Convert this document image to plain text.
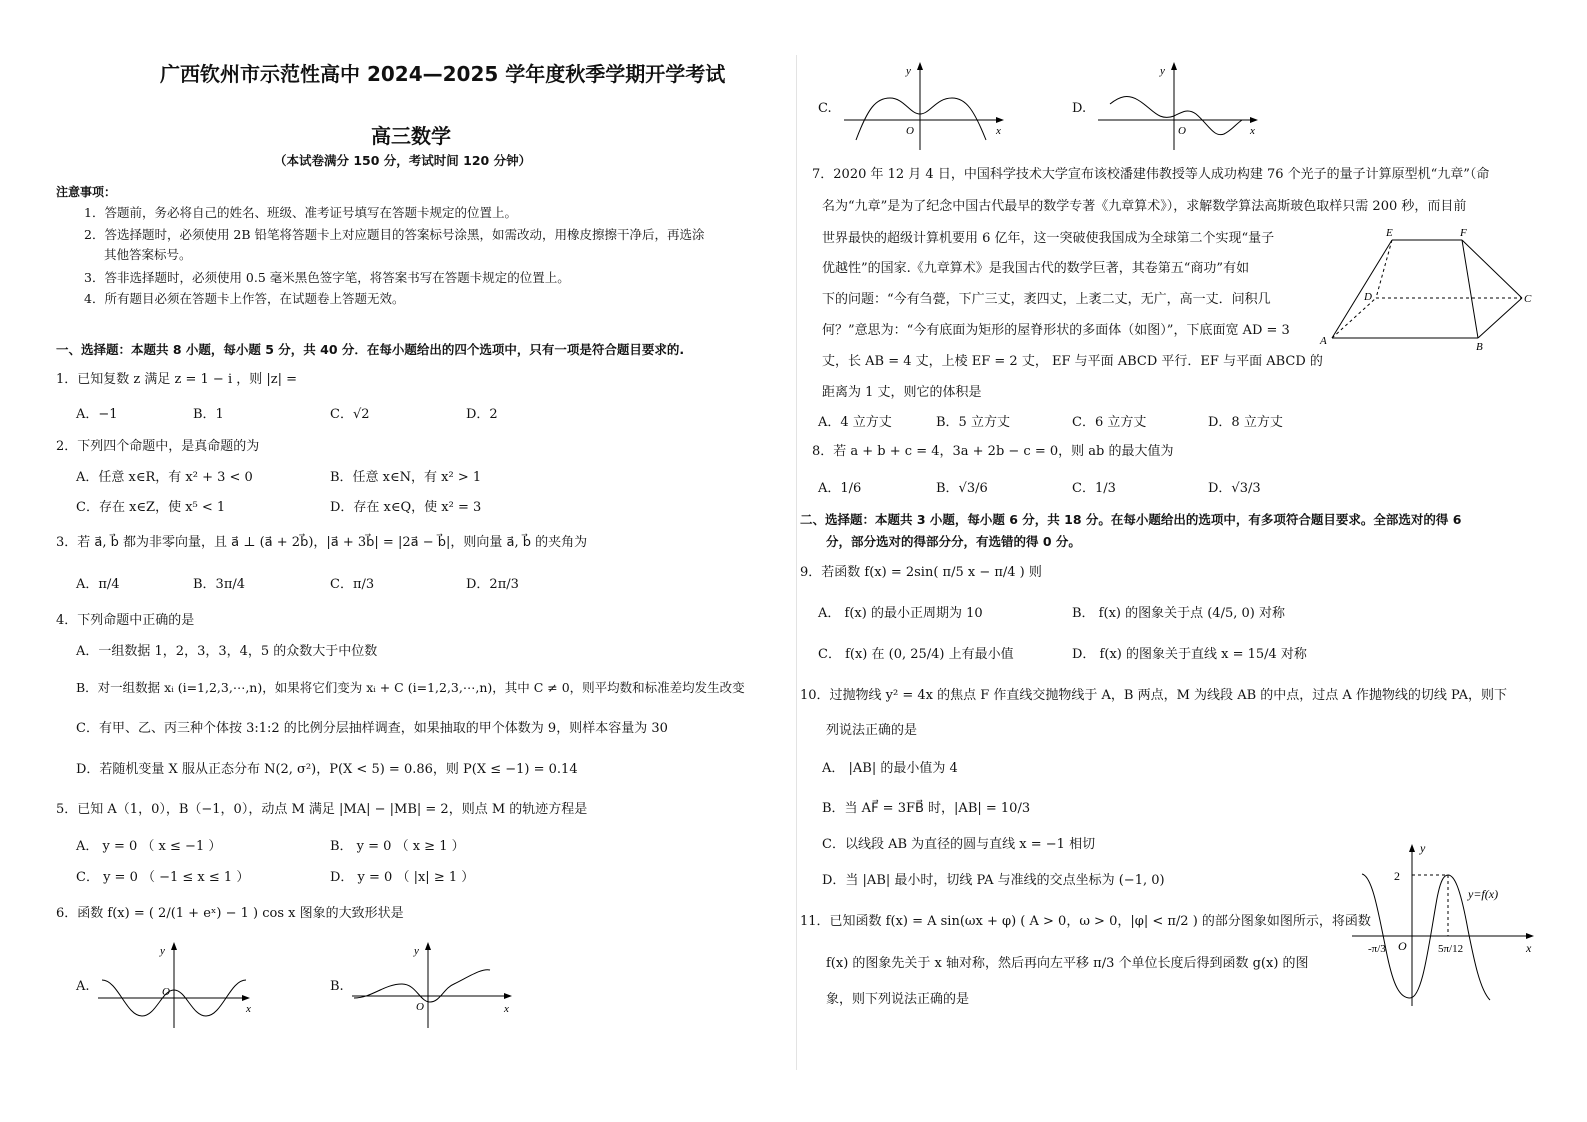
广西钦州市示范性高中 2024—2025 学年度秋季学期开学考试
高三数学
（本试卷满分 150 分，考试时间 120 分钟）
注意事项：
1．答题前，务必将自己的姓名、班级、准考证号填写在答题卡规定的位置上。
2．答选择题时，必须使用 2B 铅笔将答题卡上对应题目的答案标号涂黑，如需改动，用橡皮擦擦干净后，再选涂
其他答案标号。
3．答非选择题时，必须使用 0.5 毫米黑色签字笔，将答案书写在答题卡规定的位置上。
4．所有题目必须在答题卡上作答，在试题卷上答题无效。
一、选择题：本题共 8 小题，每小题 5 分，共 40 分．在每小题给出的四个选项中，只有一项是符合题目要求的.
1．已知复数 z 满足 z = 1 − i ，则 |z| =
A．−1	B．1	C．√2	D．2
2．下列四个命题中，是真命题的为
A．任意 x∈R，有 x² + 3 < 0	B．任意 x∈N，有 x² > 1
C．存在 x∈Z，使 x⁵ < 1	D．存在 x∈Q，使 x² = 3
3．若 a⃗, b⃗ 都为非零向量，且 a⃗ ⊥ (a⃗ + 2b⃗)，|a⃗ + 3b⃗| = |2a⃗ − b⃗|，则向量 a⃗, b⃗ 的夹角为
A．π/4	B．3π/4	C．π/3	D．2π/3
4．下列命题中正确的是
A．一组数据 1，2，3，3，4，5 的众数大于中位数
B．对一组数据 xᵢ (i=1,2,3,⋯,n)，如果将它们变为 xᵢ + C (i=1,2,3,⋯,n)，其中 C ≠ 0，则平均数和标准差均发生改变
C．有甲、乙、丙三种个体按 3:1:2 的比例分层抽样调查，如果抽取的甲个体数为 9，则样本容量为 30
D．若随机变量 X 服从正态分布 N(2, σ²)，P(X < 5) = 0.86，则 P(X ≤ −1) = 0.14
5．已知 A（1，0），B（−1，0），动点 M 满足 |MA| − |MB| = 2，则点 M 的轨迹方程是
A． y = 0 （ x ≤ −1 ）	B． y = 0 （ x ≥ 1 ）
C． y = 0 （ −1 ≤ x ≤ 1 ）	D． y = 0 （ |x| ≥ 1 ）
6．函数 f(x) = ( 2/(1 + eˣ) − 1 ) cos x 图象的大致形状是
A.	B.
y
x
O
y
x
O
C.
y
x
O
D.
y
x
O
7．2020 年 12 月 4 日，中国科学技术大学宣布该校潘建伟教授等人成功构建 76 个光子的量子计算原型机“九章”（命
名为“九章”是为了纪念中国古代最早的数学专著《九章算术》），求解数学算法高斯玻色取样只需 200 秒，而目前
世界最快的超级计算机要用 6 亿年，这一突破使我国成为全球第二个实现“量子
优越性”的国家.《九章算术》是我国古代的数学巨著，其卷第五“商功”有如
下的问题：“今有刍甍，下广三丈，袤四丈，上袤二丈，无广，高一丈．问积几
何？”意思为：“今有底面为矩形的屋脊形状的多面体（如图）”，下底面宽 AD = 3
丈，长 AB = 4 丈，上棱 EF = 2 丈， EF 与平面 ABCD 平行．EF 与平面 ABCD 的
距离为 1 丈，则它的体积是
A．4 立方丈	B．5 立方丈	C．6 立方丈	D．8 立方丈
E	F
D	C
A	B
8．若 a + b + c = 4，3a + 2b − c = 0，则 ab 的最大值为
A．1/6	B．√3/6	C．1/3	D．√3/3
二、选择题：本题共 3 小题，每小题 6 分，共 18 分。在每小题给出的选项中，有多项符合题目要求。全部选对的得 6
分，部分选对的得部分分，有选错的得 0 分。
9．若函数 f(x) = 2sin( π/5 x − π/4 ) 则
A． f(x) 的最小正周期为 10	B． f(x) 的图象关于点 (4/5, 0) 对称
C． f(x) 在 (0, 25/4) 上有最小值	D． f(x) 的图象关于直线 x = 15/4 对称
10．过抛物线 y² = 4x 的焦点 F 作直线交抛物线于 A，B 两点，M 为线段 AB 的中点，过点 A 作抛物线的切线 PA，则下
列说法正确的是
A． |AB| 的最小值为 4
B．当 AF⃗ = 3FB⃗ 时，|AB| = 10/3
C．以线段 AB 为直径的圆与直线 x = −1 相切
D．当 |AB| 最小时，切线 PA 与准线的交点坐标为 (−1, 0)
11．已知函数 f(x) = A sin(ωx + φ) ( A > 0，ω > 0，|φ| < π/2 ) 的部分图象如图所示，将函数
f(x) 的图象先关于 x 轴对称，然后再向左平移 π/3 个单位长度后得到函数 g(x) 的图
象，则下列说法正确的是
y
x
O
2
y=f(x)
-π/3	5π/12
